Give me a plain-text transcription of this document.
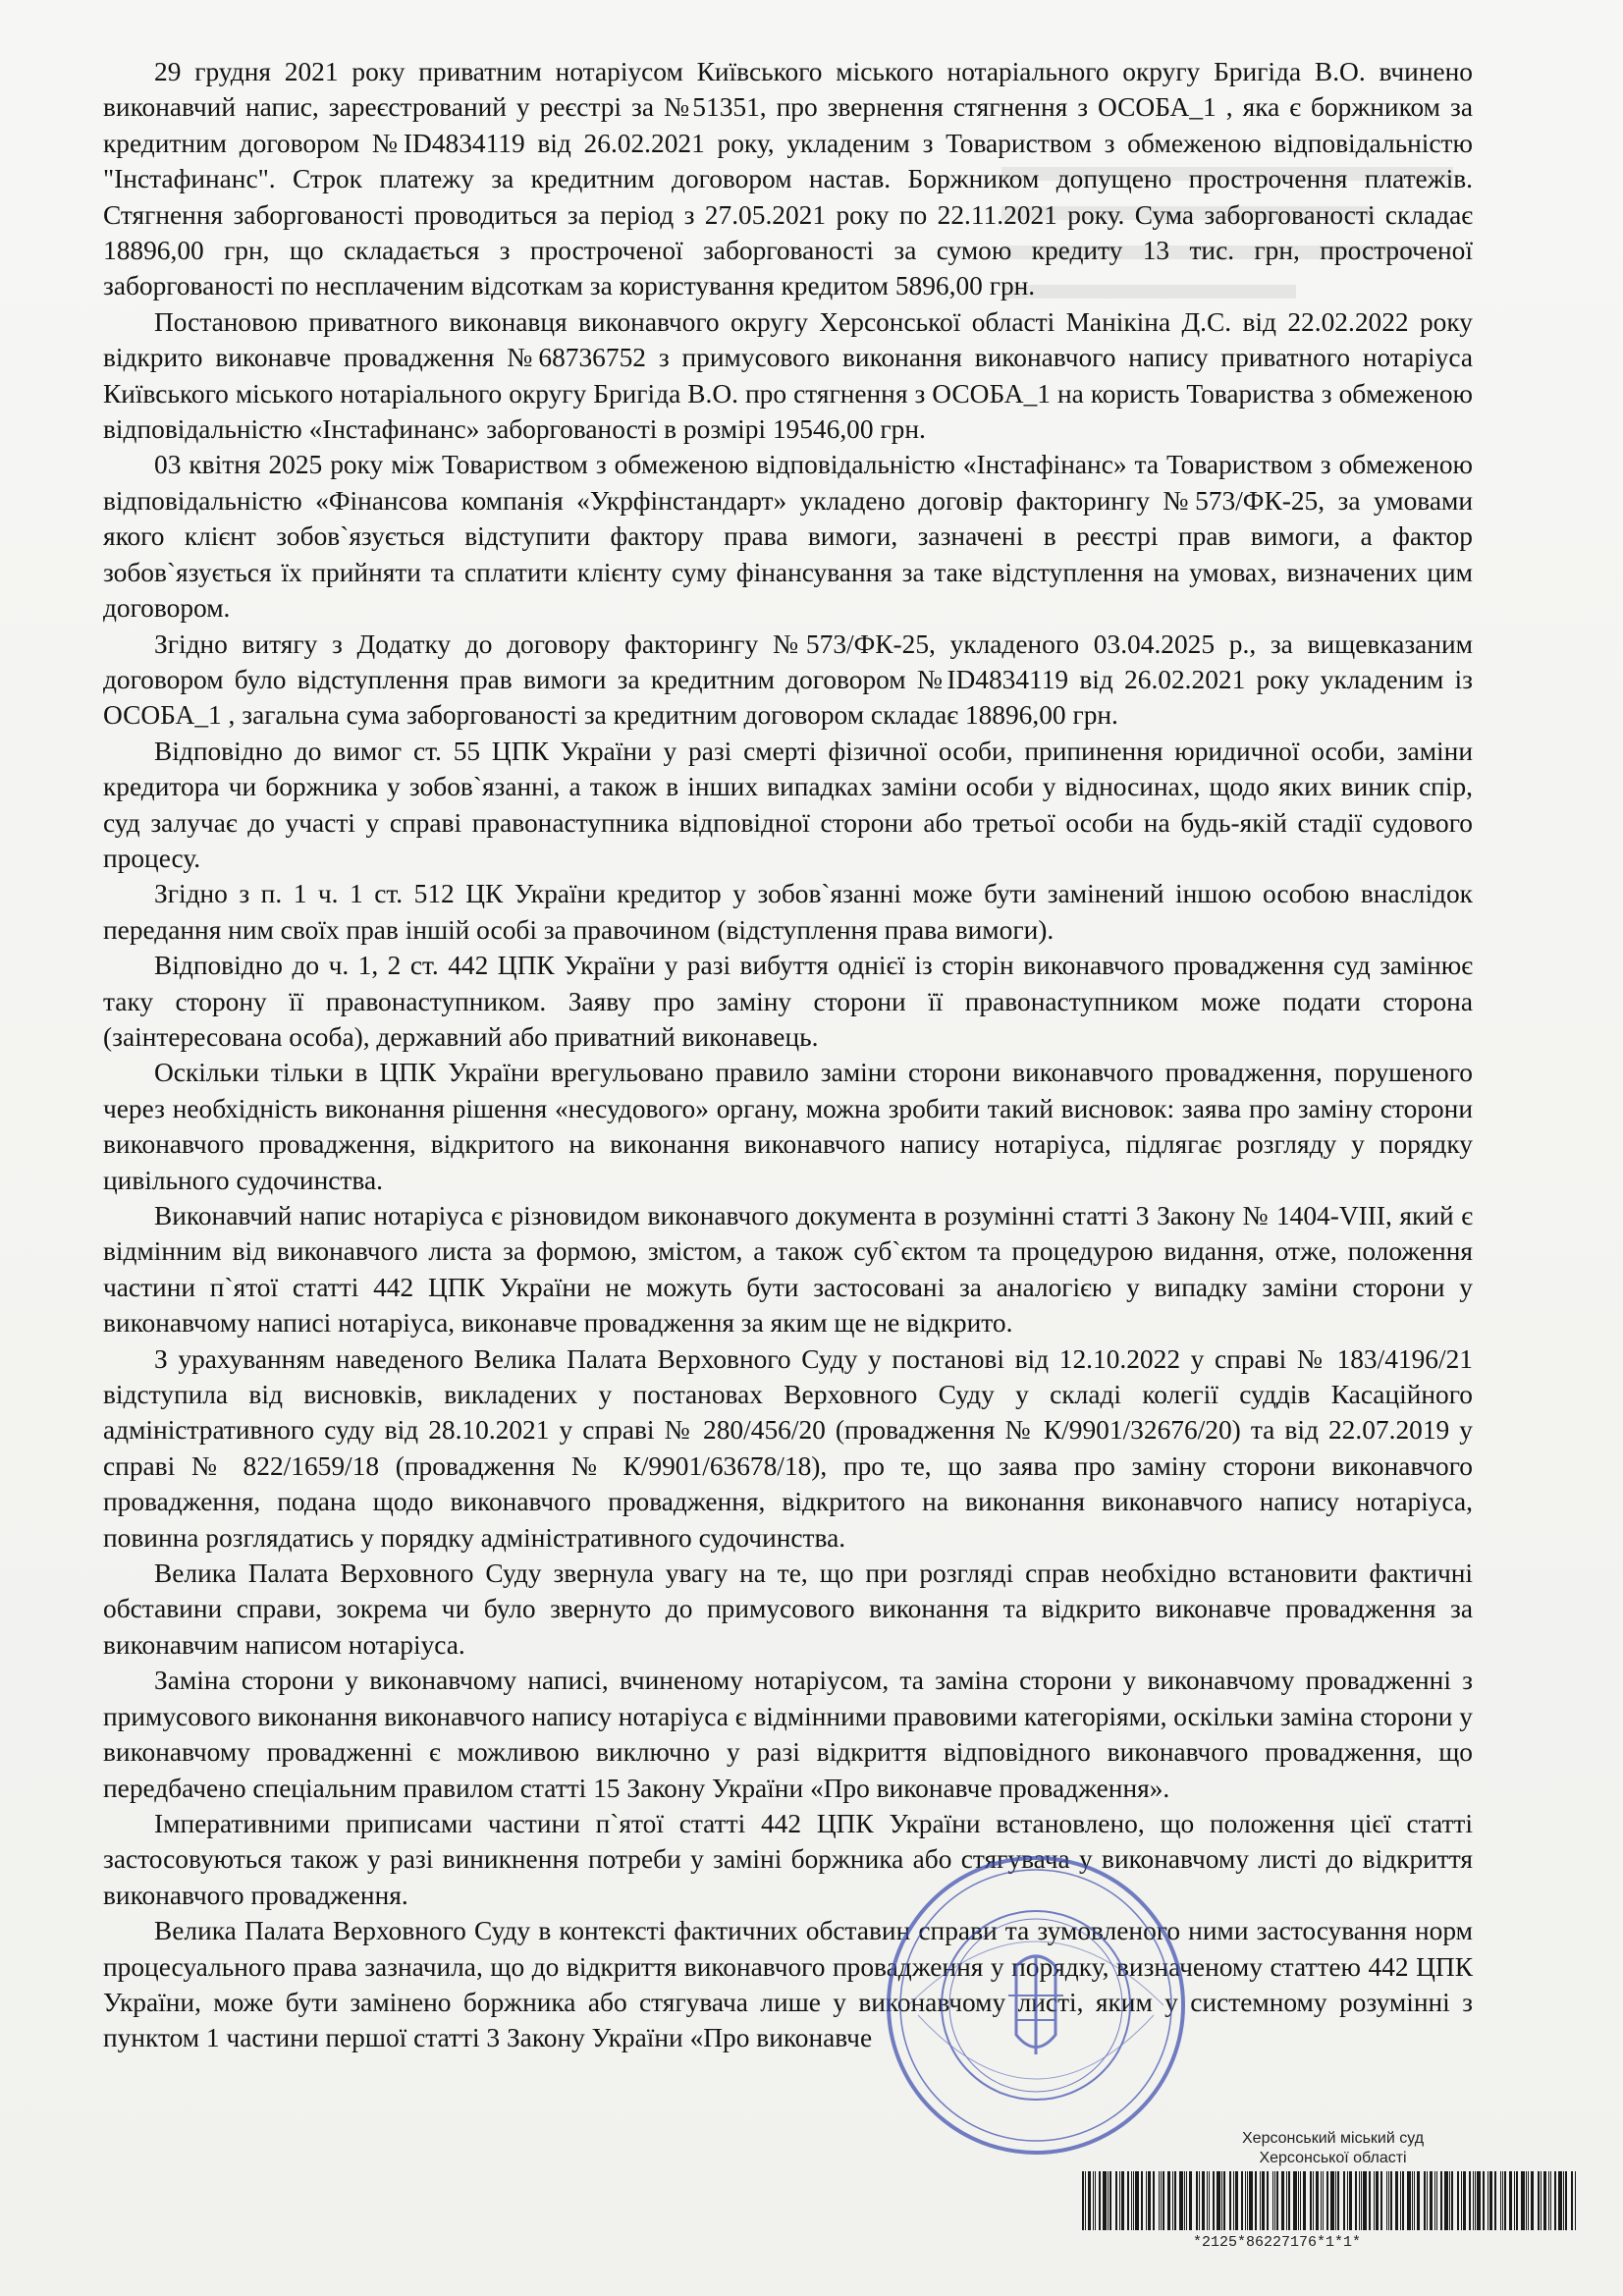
29 грудня 2021 року приватним нотаріусом Київського міського нотаріального округу Бригіда В.О. вчинено виконавчий напис, зареєстрований у реєстрі за №51351, про звернення стягнення з ОСОБА_1 , яка є боржником за кредитним договором №ID4834119 від 26.02.2021 року, укладеним з Товариством з обмеженою відповідальністю "Інстафинанс". Строк платежу за кредитним договором настав. Боржником допущено прострочення платежів. Стягнення заборгованості проводиться за період з 27.05.2021 року по 22.11.2021 року. Сума заборгованості складає 18896,00 грн, що складається з простроченої заборгованості за сумою кредиту 13 тис. грн, простроченої заборгованості по несплаченим відсоткам за користування кредитом 5896,00 грн.

Постановою приватного виконавця виконавчого округу Херсонської області Манікіна Д.С. від 22.02.2022 року відкрито виконавче провадження №68736752 з примусового виконання виконавчого напису приватного нотаріуса Київського міського нотаріального округу Бригіда В.О. про стягнення з ОСОБА_1 на користь Товариства з обмеженою відповідальністю «Інстафинанс» заборгованості в розмірі 19546,00 грн.

03 квітня 2025 року між Товариством з обмеженою відповідальністю «Інстафінанс» та Товариством з обмеженою відповідальністю «Фінансова компанія «Укрфінстандарт» укладено договір факторингу №573/ФК-25, за умовами якого клієнт зобов`язується відступити фактору права вимоги, зазначені в реєстрі прав вимоги, а фактор зобов`язується їх прийняти та сплатити клієнту суму фінансування за таке відступлення на умовах, визначених цим договором.

Згідно витягу з Додатку до договору факторингу №573/ФК-25, укладеного 03.04.2025 р., за вищевказаним договором було відступлення прав вимоги за кредитним договором №ID4834119 від 26.02.2021 року укладеним із ОСОБА_1 , загальна сума заборгованості за кредитним договором складає 18896,00 грн.

Відповідно до вимог ст. 55 ЦПК України у разі смерті фізичної особи, припинення юридичної особи, заміни кредитора чи боржника у зобов`язанні, а також в інших випадках заміни особи у відносинах, щодо яких виник спір, суд залучає до участі у справі правонаступника відповідної сторони або третьої особи на будь-якій стадії судового процесу.

Згідно з п. 1 ч. 1 ст. 512 ЦК України кредитор у зобов`язанні може бути замінений іншою особою внаслідок передання ним своїх прав іншій особі за правочином (відступлення права вимоги).

Відповідно до ч. 1, 2 ст. 442 ЦПК України у разі вибуття однієї із сторін виконавчого провадження суд замінює таку сторону її правонаступником. Заяву про заміну сторони її правонаступником може подати сторона (заінтересована особа), державний або приватний виконавець.

Оскільки тільки в ЦПК України врегульовано правило заміни сторони виконавчого провадження, порушеного через необхідність виконання рішення «несудового» органу, можна зробити такий висновок: заява про заміну сторони виконавчого провадження, відкритого на виконання виконавчого напису нотаріуса, підлягає розгляду у порядку цивільного судочинства.

Виконавчий напис нотаріуса є різновидом виконавчого документа в розумінні статті 3 Закону № 1404-VIII, який є відмінним від виконавчого листа за формою, змістом, а також суб`єктом та процедурою видання, отже, положення частини п`ятої статті 442 ЦПК України не можуть бути застосовані за аналогією у випадку заміни сторони у виконавчому написі нотаріуса, виконавче провадження за яким ще не відкрито.

З урахуванням наведеного Велика Палата Верховного Суду у постанові від 12.10.2022 у справі № 183/4196/21 відступила від висновків, викладених у постановах Верховного Суду у складі колегії суддів Касаційного адміністративного суду від 28.10.2021 у справі № 280/456/20 (провадження № К/9901/32676/20) та від 22.07.2019 у справі № 822/1659/18 (провадження № К/9901/63678/18), про те, що заява про заміну сторони виконавчого провадження, подана щодо виконавчого провадження, відкритого на виконання виконавчого напису нотаріуса, повинна розглядатись у порядку адміністративного судочинства.

Велика Палата Верховного Суду звернула увагу на те, що при розгляді справ необхідно встановити фактичні обставини справи, зокрема чи було звернуто до примусового виконання та відкрито виконавче провадження за виконавчим написом нотаріуса.

Заміна сторони у виконавчому написі, вчиненому нотаріусом, та заміна сторони у виконавчому провадженні з примусового виконання виконавчого напису нотаріуса є відмінними правовими категоріями, оскільки заміна сторони у виконавчому провадженні є можливою виключно у разі відкриття відповідного виконавчого провадження, що передбачено спеціальним правилом статті 15 Закону України «Про виконавче провадження».

Імперативними приписами частини п`ятої статті 442 ЦПК України встановлено, що положення цієї статті застосовуються також у разі виникнення потреби у заміні боржника або стягувача у виконавчому листі до відкриття виконавчого провадження.

Велика Палата Верховного Суду в контексті фактичних обставин справи та зумовленого ними застосування норм процесуального права зазначила, що до відкриття виконавчого провадження у порядку, визначеному статтею 442 ЦПК України, може бути замінено боржника або стягувача лише у виконавчому листі, яким у системному розумінні з пунктом 1 частини першої статті 3 Закону України «Про виконавче

Херсонський міський суд
Херсонської області
*2125*86227176*1*1*
